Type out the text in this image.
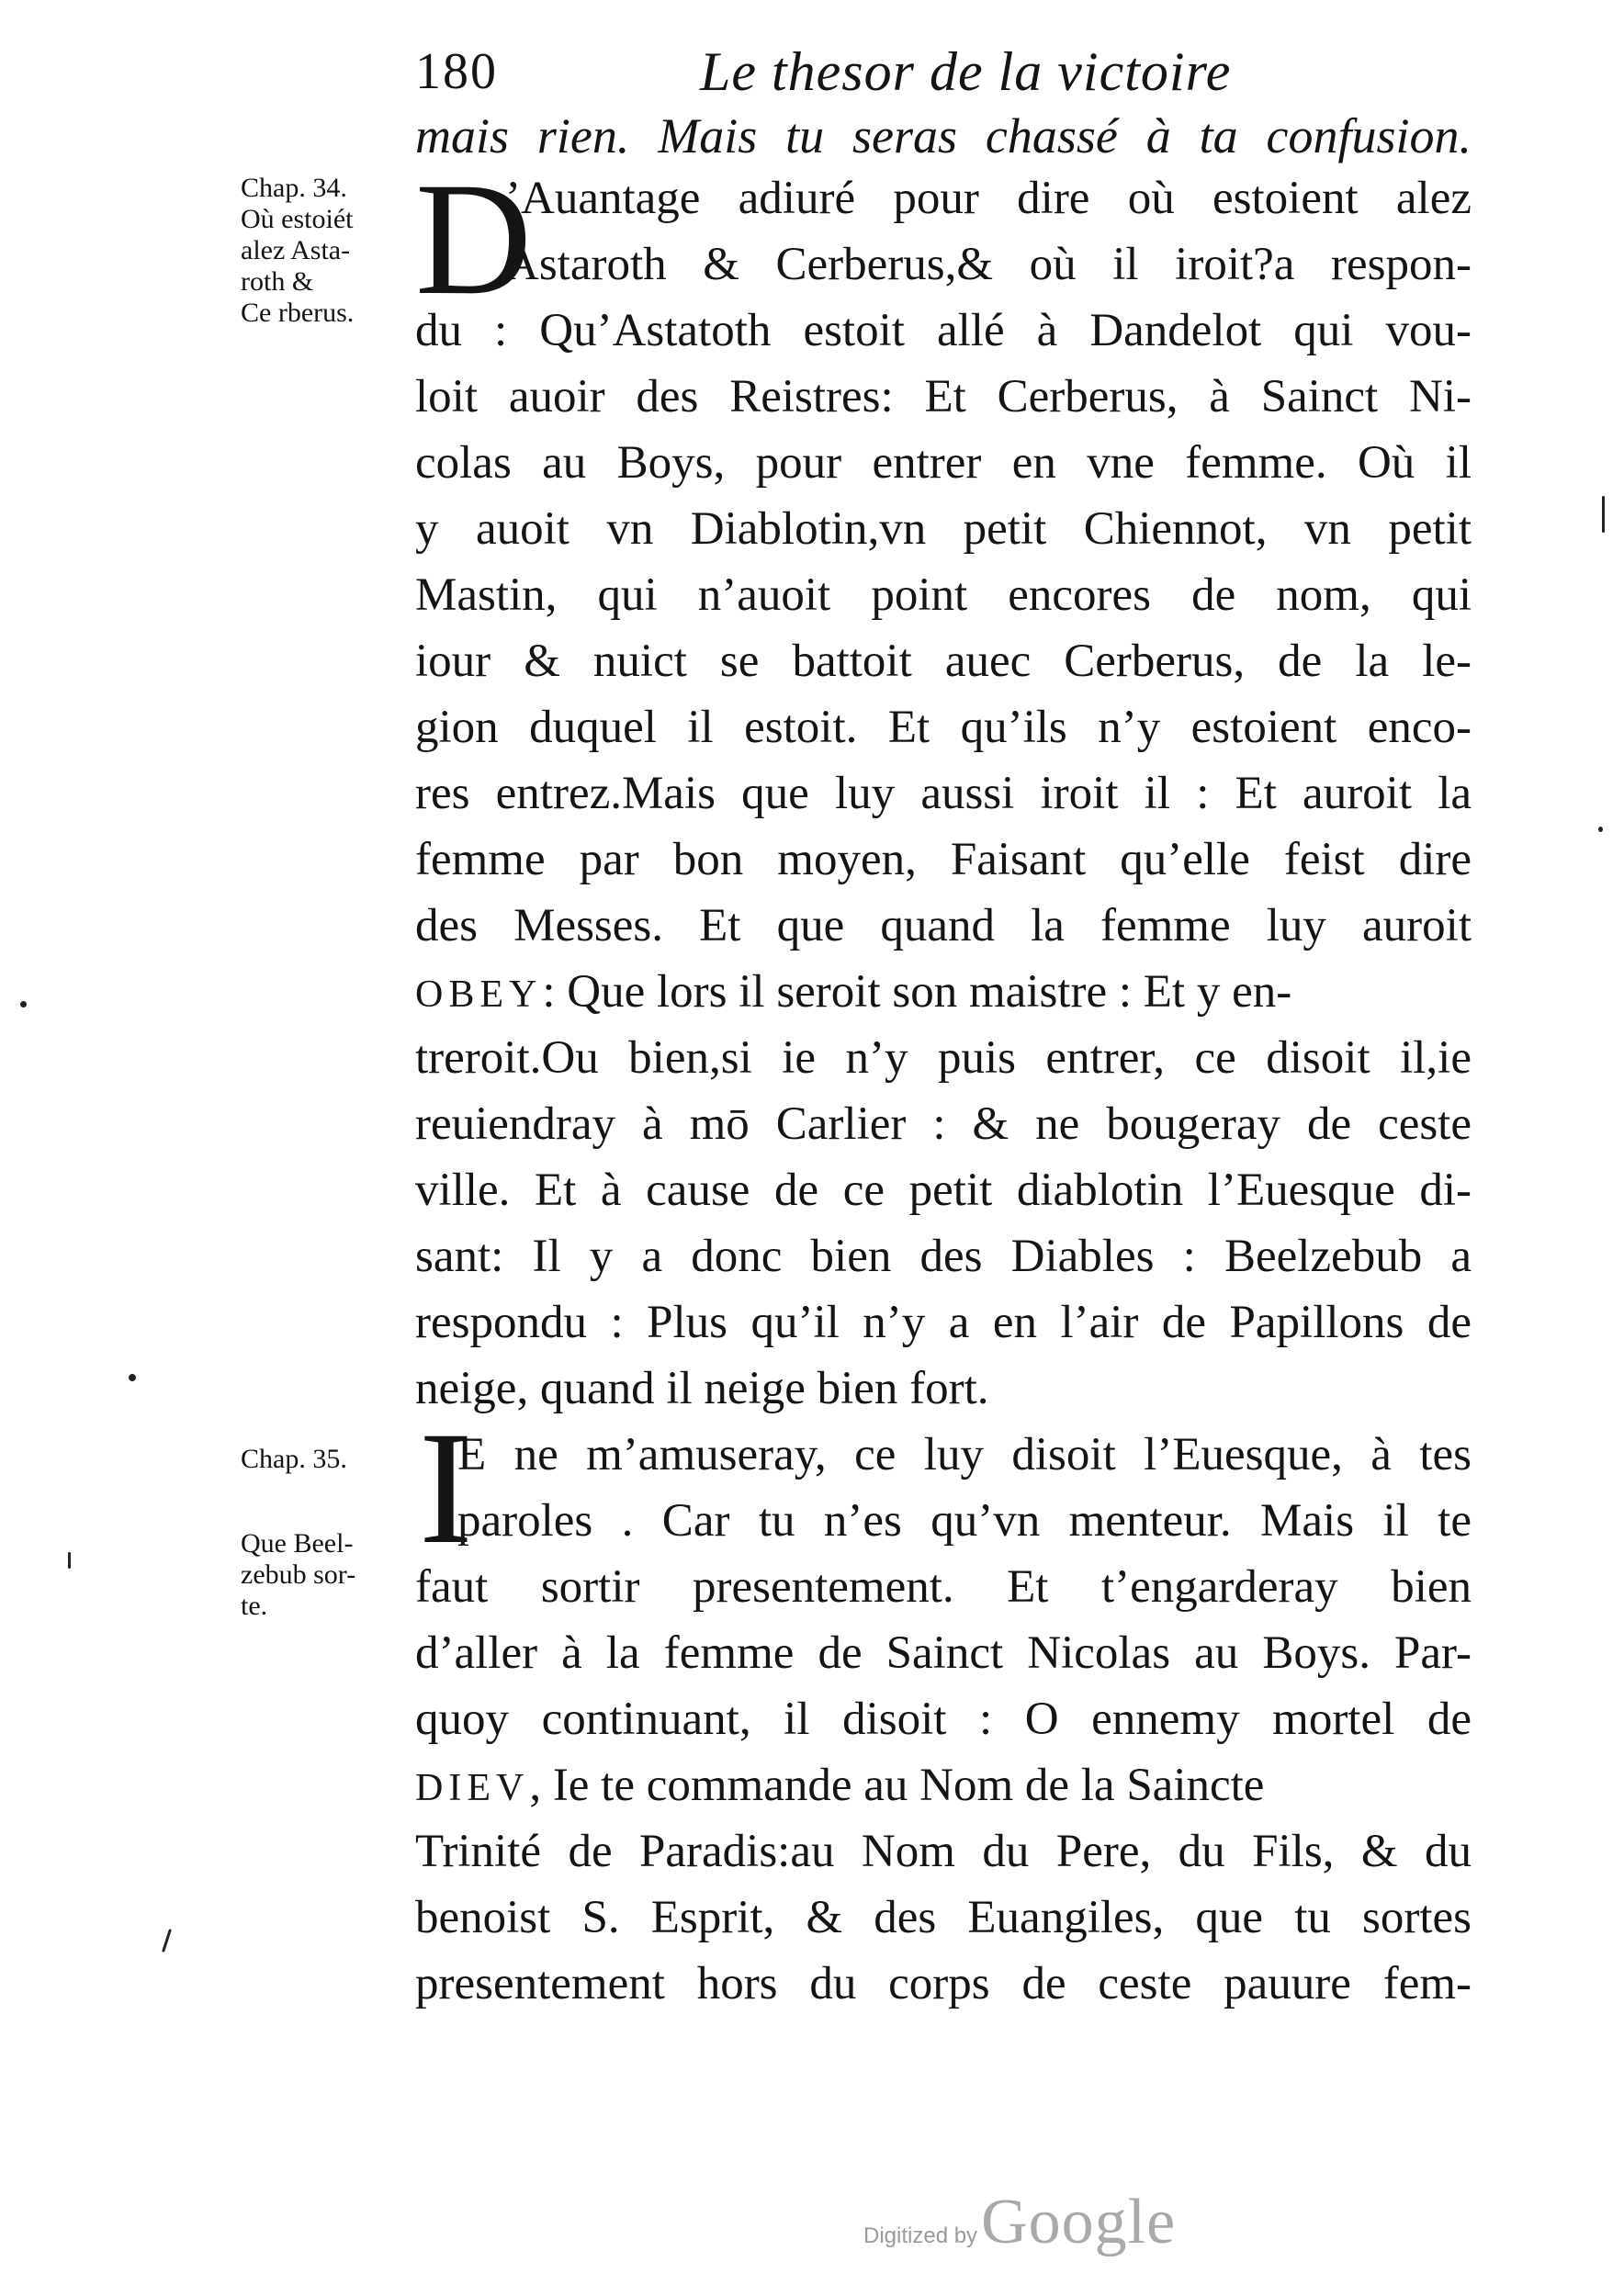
180	Le thesor de la victoire
mais rien. Mais tu seras chassé à ta confusion.
Chap. 34.
Où estoiét
alez Asta-
roth &
Ce rberus. D
’Auantage adiuré pour dire où estoient alez
Astaroth & Cerberus,& où il iroit?a respon-
du : Qu’Astatoth estoit allé à Dandelot qui vou-
loit auoir des Reistres: Et Cerberus, à Sainct Ni-
colas au Boys, pour entrer en vne femme. Où il
y auoit vn Diablotin,vn petit Chiennot, vn petit
Mastin, qui n’auoit point encores de nom, qui
iour & nuict se battoit auec Cerberus, de la le-
gion duquel il estoit. Et qu’ils n’y estoient enco-
res entrez.Mais que luy aussi iroit il : Et auroit la
femme par bon moyen, Faisant qu’elle feist dire
des Messes. Et que quand la femme luy auroit
OBEY: Que lors il seroit son maistre : Et y en-
treroit.Ou bien,si ie n’y puis entrer, ce disoit il,ie
reuiendray à mō Carlier : & ne bougeray de ceste
ville. Et à cause de ce petit diablotin l’Euesque di-
sant: Il y a donc bien des Diables : Beelzebub a
respondu : Plus qu’il n’y a en l’air de Papillons de
neige, quand il neige bien fort.
Chap. 35. I
E ne m’amuseray, ce luy disoit l’Euesque, à tes
paroles . Car tu n’es qu’vn menteur. Mais il te
Que Beel-
zebub sor-
te.	faut sortir presentement. Et t’engarderay bien
d’aller à la femme de Sainct Nicolas au Boys. Par-
quoy continuant, il disoit : O ennemy mortel de
DIEV, Ie te commande au Nom de la Saincte
Trinité de Paradis:au Nom du Pere, du Fils, & du
benoist S. Esprit, & des Euangiles, que tu sortes
presentement hors du corps de ceste pauure fem-
Digitized by Google
